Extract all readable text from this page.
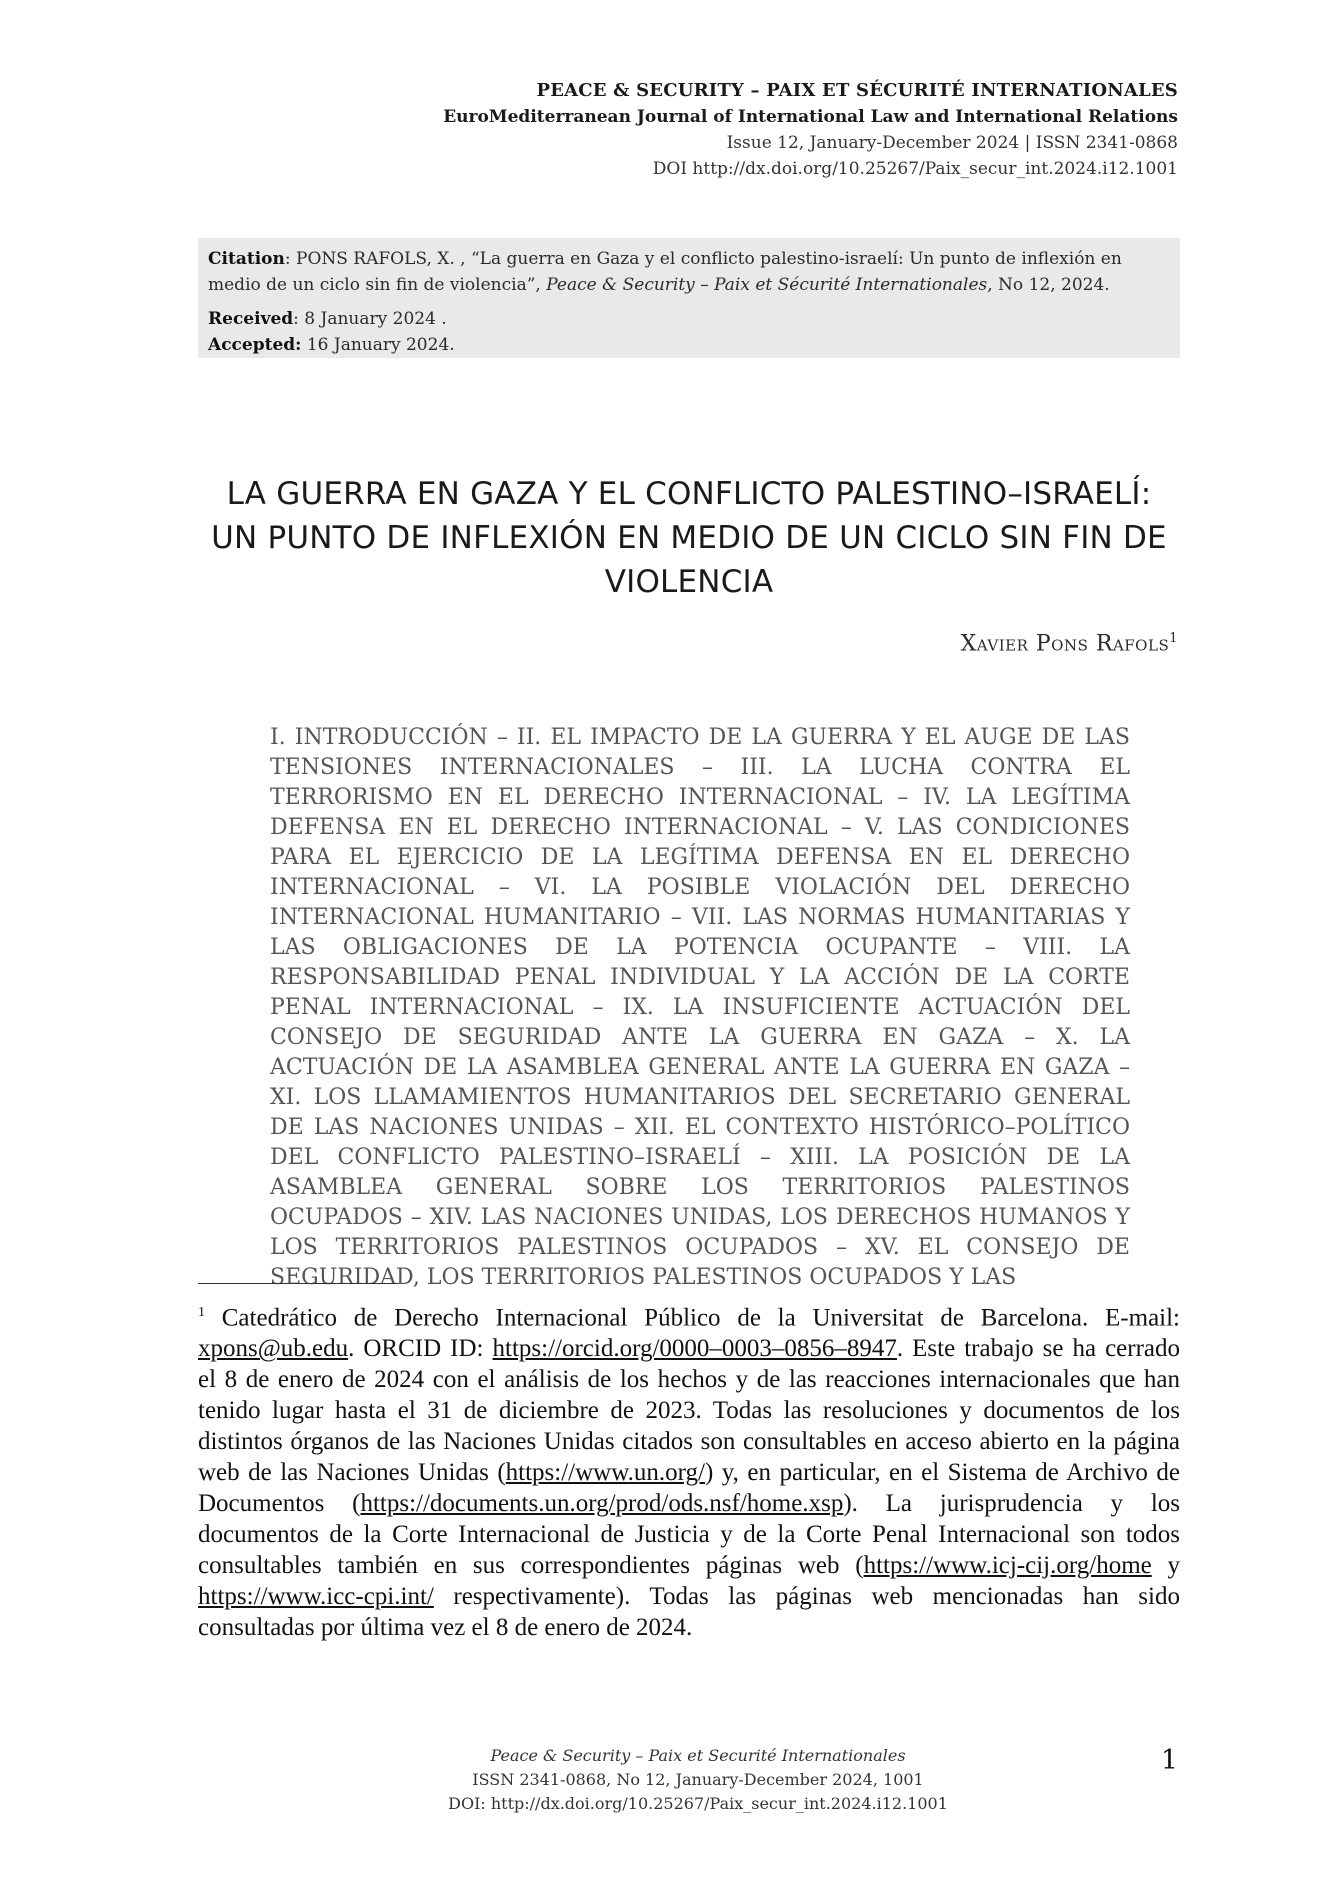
PEACE & SECURITY – PAIX ET SÉCURITÉ INTERNATIONALES
EuroMediterranean Journal of International Law and International Relations
Issue 12, January-December 2024 | ISSN 2341-0868
DOI http://dx.doi.org/10.25267/Paix_secur_int.2024.i12.1001

Citation: PONS RAFOLS, X. , “La guerra en Gaza y el conflicto palestino-israelí: Un punto de inflexión en medio de un ciclo sin fin de violencia”, Peace & Security – Paix et Sécurité Internationales, No 12, 2024.

Received: 8 January 2024 .

Accepted: 16 January 2024.

LA GUERRA EN GAZA Y EL CONFLICTO PALESTINO–ISRAELÍ:
UN PUNTO DE INFLEXIÓN EN MEDIO DE UN CICLO SIN FIN DE
VIOLENCIA
Xavier Pons Rafols$^1$
I. INTRODUCCIÓN – II. EL IMPACTO DE LA GUERRA Y EL AUGE DE LAS TENSIONES INTERNACIONALES – III. LA LUCHA CONTRA EL TERRORISMO EN EL DERECHO INTERNACIONAL – IV. LA LEGÍTIMA DEFENSA EN EL DERECHO INTERNACIONAL – V. LAS CONDICIONES PARA EL EJERCICIO DE LA LEGÍTIMA DEFENSA EN EL DERECHO INTERNACIONAL – VI. LA POSIBLE VIOLACIÓN DEL DERECHO INTERNACIONAL HUMANITARIO – VII. LAS NORMAS HUMANITARIAS Y LAS OBLIGACIONES DE LA POTENCIA OCUPANTE – VIII. LA RESPONSABILIDAD PENAL INDIVIDUAL Y LA ACCIÓN DE LA CORTE PENAL INTERNACIONAL – IX. LA INSUFICIENTE ACTUACIÓN DEL CONSEJO DE SEGURIDAD ANTE LA GUERRA EN GAZA – X. LA ACTUACIÓN DE LA ASAMBLEA GENERAL ANTE LA GUERRA EN GAZA – XI. LOS LLAMAMIENTOS HUMANITARIOS DEL SECRETARIO GENERAL DE LAS NACIONES UNIDAS – XII. EL CONTEXTO HISTÓRICO–POLÍTICO DEL CONFLICTO PALESTINO–ISRAELÍ – XIII. LA POSICIÓN DE LA ASAMBLEA GENERAL SOBRE LOS TERRITORIOS PALESTINOS OCUPADOS – XIV. LAS NACIONES UNIDAS, LOS DERECHOS HUMANOS Y LOS TERRITORIOS PALESTINOS OCUPADOS – XV. EL CONSEJO DE SEGURIDAD, LOS TERRITORIOS PALESTINOS OCUPADOS Y LAS
$^1$ Catedrático de Derecho Internacional Público de la Universitat de Barcelona. E-mail: xpons@ub.edu. ORCID ID: https://orcid.org/0000–0003–0856–8947. Este trabajo se ha cerrado el 8 de enero de 2024 con el análisis de los hechos y de las reacciones internacionales que han tenido lugar hasta el 31 de diciembre de 2023. Todas las resoluciones y documentos de los distintos órganos de las Naciones Unidas citados son consultables en acceso abierto en la página web de las Naciones Unidas (https://www.un.org/) y, en particular, en el Sistema de Archivo de Documentos (https://documents.un.org/prod/ods.nsf/home.xsp). La jurisprudencia y los documentos de la Corte Internacional de Justicia y de la Corte Penal Internacional son todos consultables también en sus correspondientes páginas web (https://www.icj-cij.org/home y https://www.icc-cpi.int/ respectivamente). Todas las páginas web mencionadas han sido consultadas por última vez el 8 de enero de 2024.
Peace & Security – Paix et Securité Internationales
ISSN 2341-0868, No 12, January-December 2024, 1001
DOI: http://dx.doi.org/10.25267/Paix_secur_int.2024.i12.1001
1
